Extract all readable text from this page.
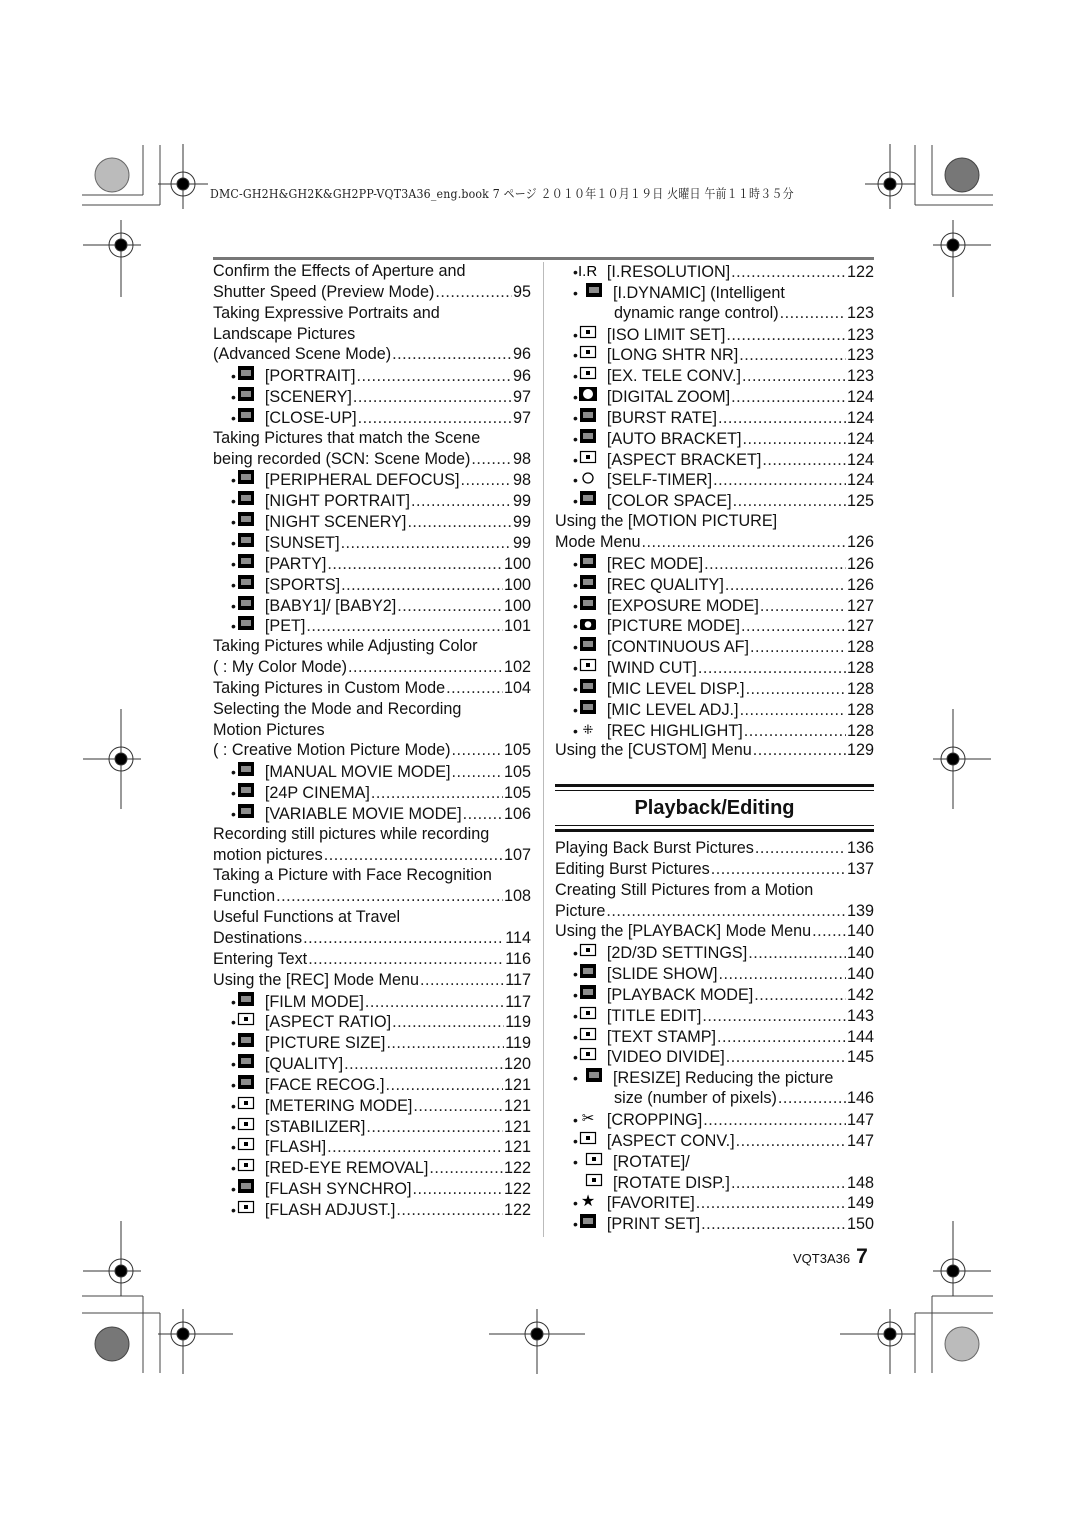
DMC-GH2H&GH2K&GH2PP-VQT3A36_eng.book 7 ページ ２０１０年１０月１９日 火曜日 午前１１時３５分
Confirm the Effects of Aperture and
Shutter Speed (Preview Mode) .....	95
Taking Expressive Portraits and
Landscape Pictures
(Advanced Scene Mode) .....	96
• [PORTRAIT] .....	96
• [SCENERY] .....	97
• [CLOSE-UP] .....	97
Taking Pictures that match the Scene
being recorded (SCN: Scene Mode) .....	98
• [PERIPHERAL DEFOCUS] .....	98
• [NIGHT PORTRAIT] .....	99
• [NIGHT SCENERY] .....	99
• [SUNSET] .....	99
• [PARTY] .....	100
• [SPORTS] .....	100
• [BABY1]/ [BABY2] .....	100
• [PET] .....	101
Taking Pictures while Adjusting Color
( : My Color Mode) .....	102
Taking Pictures in Custom Mode .....	104
Selecting the Mode and Recording
Motion Pictures
( : Creative Motion Picture Mode) .....	105
• [MANUAL MOVIE MODE] .....	105
• [24P CINEMA] .....	105
• [VARIABLE MOVIE MODE] .....	106
Recording still pictures while recording
motion pictures .....	107
Taking a Picture with Face Recognition
Function .....	108
Useful Functions at Travel
Destinations .....	114
Entering Text .....	116
Using the [REC] Mode Menu .....	117
• [FILM MODE] .....	117
• [ASPECT RATIO] .....	119
• [PICTURE SIZE] .....	119
• [QUALITY] .....	120
• [FACE RECOG.] .....	121
• [METERING MODE] .....	121
• [STABILIZER] .....	121
• [FLASH] .....	121
• [RED-EYE REMOVAL] .....	122
• [FLASH SYNCHRO] .....	122
• [FLASH ADJUST.] .....	122
• I.R [I.RESOLUTION] .....	122
•	[I.DYNAMIC] (Intelligent
dynamic range control) .....	123
• [ISO LIMIT SET] .....	123
• [LONG SHTR NR] .....	123
• [EX. TELE CONV.] .....	123
• [DIGITAL ZOOM] .....	124
• [BURST RATE] .....	124
• [AUTO BRACKET] .....	124
• [ASPECT BRACKET] .....	124
• [SELF-TIMER] .....	124
• [COLOR SPACE] .....	125
Using the [MOTION PICTURE]
Mode Menu .....	126
• [REC MODE] .....	126
• [REC QUALITY] .....	126
• [EXPOSURE MODE] .....	127
• [PICTURE MODE] .....	127
• [CONTINUOUS AF] .....	128
• [WIND CUT] .....	128
• [MIC LEVEL DISP.] .....	128
• [MIC LEVEL ADJ.] .....	128
• ⁜ [REC HIGHLIGHT] .....	128
Using the [CUSTOM] Menu .....	129
Playback/Editing
Playing Back Burst Pictures .....	136
Editing Burst Pictures .....	137
Creating Still Pictures from a Motion
Picture .....	139
Using the [PLAYBACK] Mode Menu ..... 140
• [2D/3D SETTINGS] .....	140
• [SLIDE SHOW] .....	140
• [PLAYBACK MODE] .....	142
• [TITLE EDIT] .....	143
• [TEXT STAMP] .....	144
• [VIDEO DIVIDE] .....	145
•	[RESIZE] Reducing the picture
size (number of pixels) .....	146
• ✂ [CROPPING] .....	147
• [ASPECT CONV.] .....	147
•	[ROTATE]/
[ROTATE DISP.] .....	148
• ★ [FAVORITE] .....	149
• [PRINT SET] .....	150
VQT3A36 7
